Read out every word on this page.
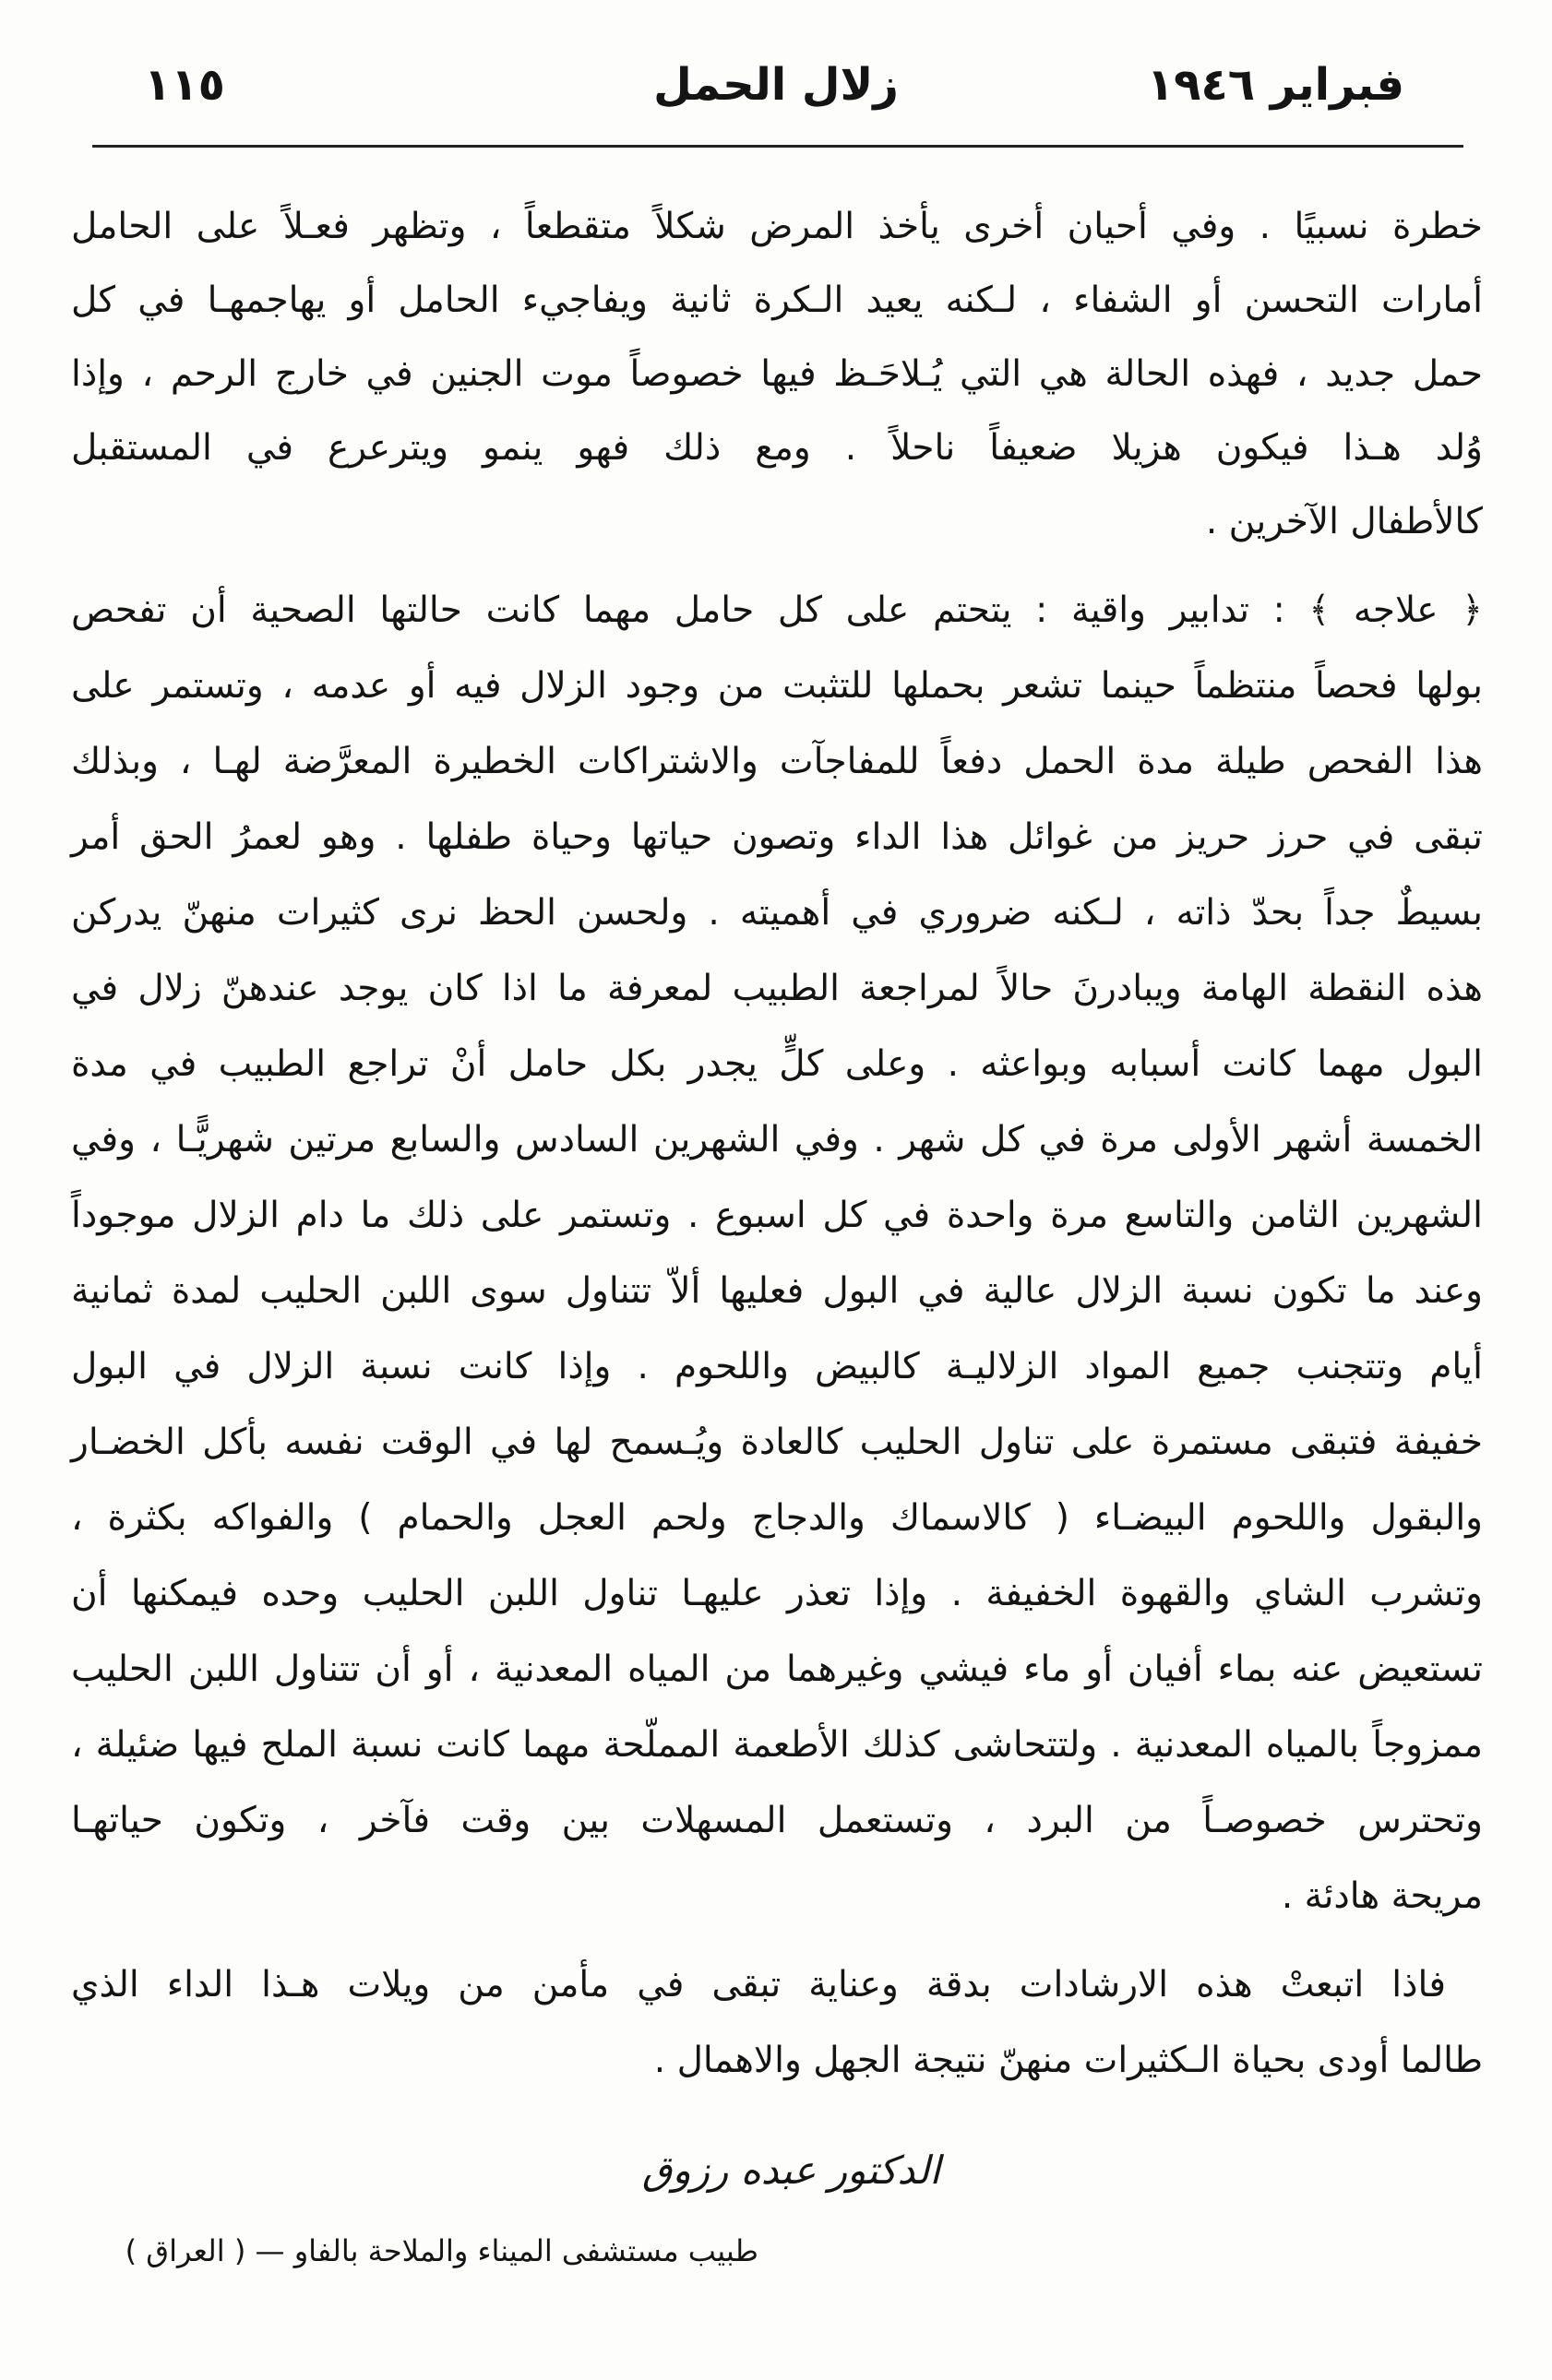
فبراير ١٩٤٦
زلال الحمل
١١٥
خطرة نسبيًا . وفي أحيان أخرى يأخذ المرض شكلاً متقطعاً ، وتظهر فعـلاً على الحامل
أمارات التحسن أو الشفاء ، لـكنه يعيد الـكرة ثانية ويفاجيء الحامل أو يهاجمهـا في كل
حمل جديد ، فهذه الحالة هي التي يُـلاحَـظ فيها خصوصاً موت الجنين في خارج الرحم ، وإذا
وُلد هـذا فيكون هزيلا ضعيفاً ناحلاً . ومع ذلك فهو ينمو ويترعرع في المستقبل
كالأطفال الآخرين .
﴿ علاجه ﴾ : تدابير واقية : يتحتم على كل حامل مهما كانت حالتها الصحية أن تفحص
بولها فحصاً منتظماً حينما تشعر بحملها للتثبت من وجود الزلال فيه أو عدمه ، وتستمر على
هذا الفحص طيلة مدة الحمل دفعاً للمفاجآت والاشتراكات الخطيرة المعرَّضة لهـا ، وبذلك
تبقى في حرز حريز من غوائل هذا الداء وتصون حياتها وحياة طفلها . وهو لعمرُ الحق أمر
بسيطٌ جداً بحدّ ذاته ، لـكنه ضروري في أهميته . ولحسن الحظ نرى كثيرات منهنّ يدركن
هذه النقطة الهامة ويبادرنَ حالاً لمراجعة الطبيب لمعرفة ما اذا كان يوجد عندهنّ زلال في
البول مهما كانت أسبابه وبواعثه . وعلى كلٍّ يجدر بكل حامل أنْ تراجع الطبيب في مدة
الخمسة أشهر الأولى مرة في كل شهر . وفي الشهرين السادس والسابع مرتين شهريًّـا ، وفي
الشهرين الثامن والتاسع مرة واحدة في كل اسبوع . وتستمر على ذلك ما دام الزلال موجوداً
وعند ما تكون نسبة الزلال عالية في البول فعليها ألاّ تتناول سوى اللبن الحليب لمدة ثمانية
أيام وتتجنب جميع المواد الزلاليـة كالبيض واللحوم . وإذا كانت نسبة الزلال في البول
خفيفة فتبقى مستمرة على تناول الحليب كالعادة ويُـسمح لها في الوقت نفسه بأكل الخضـار
والبقول واللحوم البيضـاء ( كالاسماك والدجاج ولحم العجل والحمام ) والفواكه بكثرة ،
وتشرب الشاي والقهوة الخفيفة . وإذا تعذر عليهـا تناول اللبن الحليب وحده فيمكنها أن
تستعيض عنه بماء أفيان أو ماء فيشي وغيرهما من المياه المعدنية ، أو أن تتناول اللبن الحليب
ممزوجاً بالمياه المعدنية . ولتتحاشى كذلك الأطعمة المملّحة مهما كانت نسبة الملح فيها ضئيلة ،
وتحترس خصوصـاً من البرد ، وتستعمل المسهلات بين وقت فآخر ، وتكون حياتهـا
مريحة هادئة .
فاذا اتبعتْ هذه الارشادات بدقة وعناية تبقى في مأمن من ويلات هـذا الداء الذي
طالما أودى بحياة الـكثيرات منهنّ نتيجة الجهل والاهمال .
الدكتور عبده رزوق
طبيب مستشفى الميناء والملاحة بالفاو — ( العراق )
